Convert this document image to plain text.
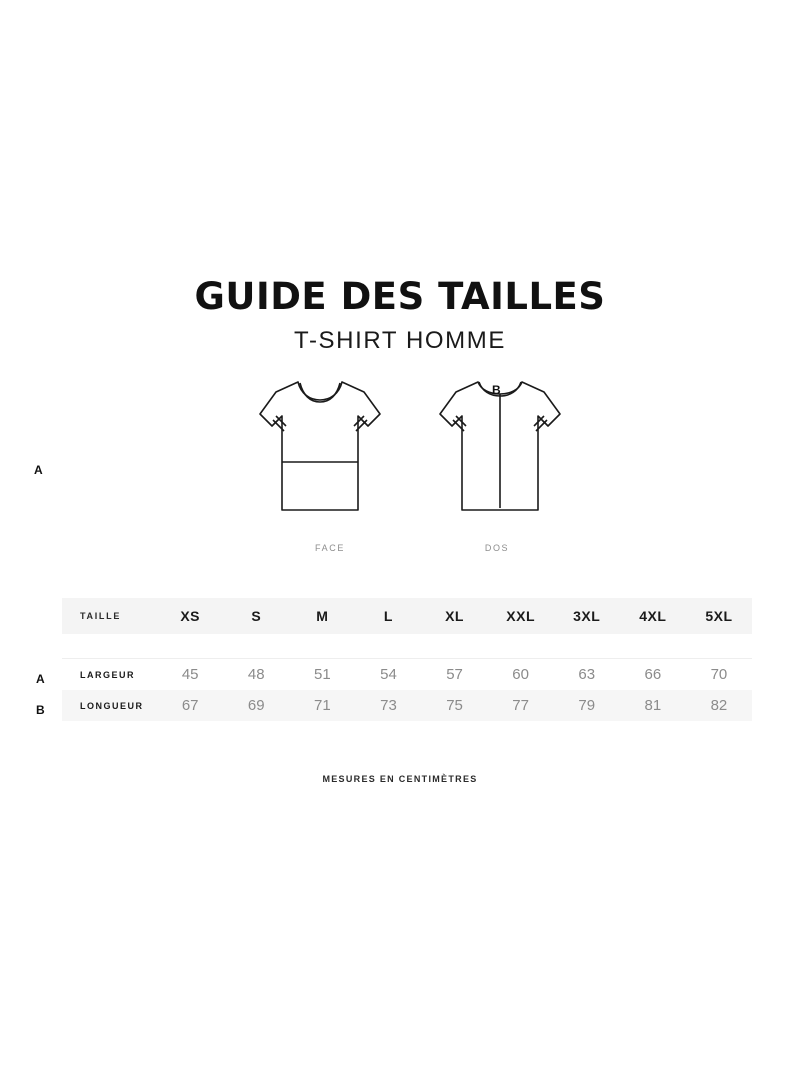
GUIDE DES TAILLES
T-SHIRT HOMME
A
B
FACE	DOS
A
B
TAILLE	XS	S	M	L	XL	XXL	3XL	4XL	5XL

LARGEUR	45	48	51	54	57	60	63	66	70
LONGUEUR	67	69	71	73	75	77	79	81	82
MESURES EN CENTIMÈTRES
